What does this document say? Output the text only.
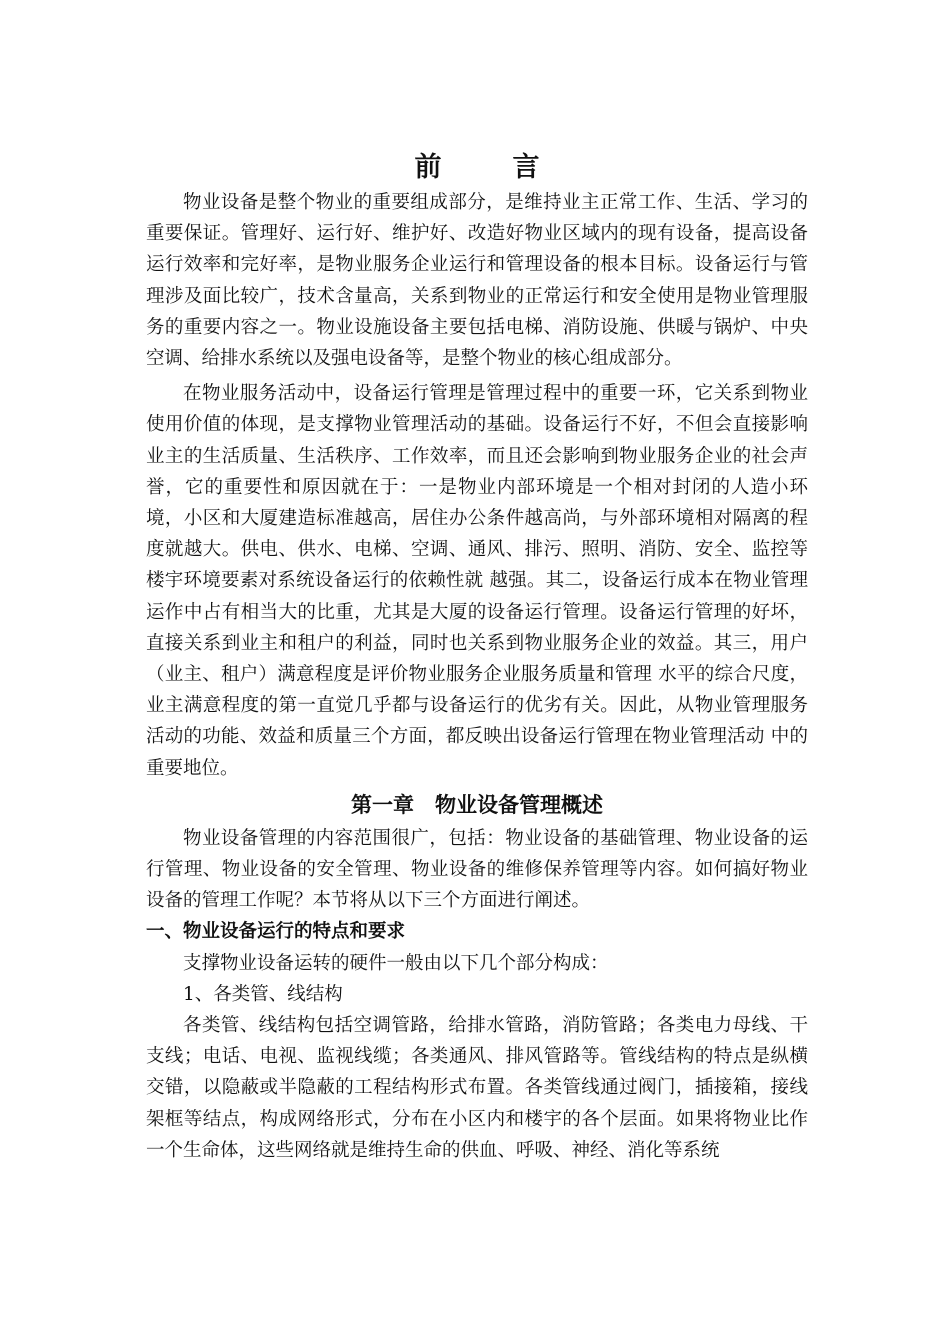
前　言

物业设备是整个物业的重要组成部分，是维持业主正常工作、生活、学习的重要保证。管理好、运行好、维护好、改造好物业区域内的现有设备，提高设备运行效率和完好率，是物业服务企业运行和管理设备的根本目标。设备运行与管理涉及面比较广，技术含量高，关系到物业的正常运行和安全使用是物业管理服务的重要内容之一。物业设施设备主要包括电梯、消防设施、供暖与锅炉、中央空调、给排水系统以及强电设备等，是整个物业的核心组成部分。

在物业服务活动中，设备运行管理是管理过程中的重要一环，它关系到物业使用价值的体现，是支撑物业管理活动的基础。设备运行不好，不但会直接影响业主的生活质量、生活秩序、工作效率，而且还会影响到物业服务企业的社会声誉，它的重要性和原因就在于：一是物业内部环境是一个相对封闭的人造小环境，小区和大厦建造标准越高，居住办公条件越高尚，与外部环境相对隔离的程度就越大。供电、供水、电梯、空调、通风、排污、照明、消防、安全、监控等楼宇环境要素对系统设备运行的依赖性就 越强。其二，设备运行成本在物业管理运作中占有相当大的比重，尤其是大厦的设备运行管理。设备运行管理的好坏，直接关系到业主和租户的利益，同时也关系到物业服务企业的效益。其三，用户（业主、租户）满意程度是评价物业服务企业服务质量和管理 水平的综合尺度，业主满意程度的第一直觉几乎都与设备运行的优劣有关。因此，从物业管理服务活动的功能、效益和质量三个方面，都反映出设备运行管理在物业管理活动 中的重要地位。

第一章　物业设备管理概述

物业设备管理的内容范围很广，包括：物业设备的基础管理、物业设备的运行管理、物业设备的安全管理、物业设备的维修保养管理等内容。如何搞好物业设备的管理工作呢？本节将从以下三个方面进行阐述。

一、物业设备运行的特点和要求

支撑物业设备运转的硬件一般由以下几个部分构成：

1、各类管、线结构

各类管、线结构包括空调管路，给排水管路，消防管路；各类电力母线、干支线；电话、电视、监视线缆；各类通风、排风管路等。管线结构的特点是纵横交错，以隐蔽或半隐蔽的工程结构形式布置。各类管线通过阀门，插接箱，接线架框等结点，构成网络形式，分布在小区内和楼宇的各个层面。如果将物业比作一个生命体，这些网络就是维持生命的供血、呼吸、神经、消化等系统
